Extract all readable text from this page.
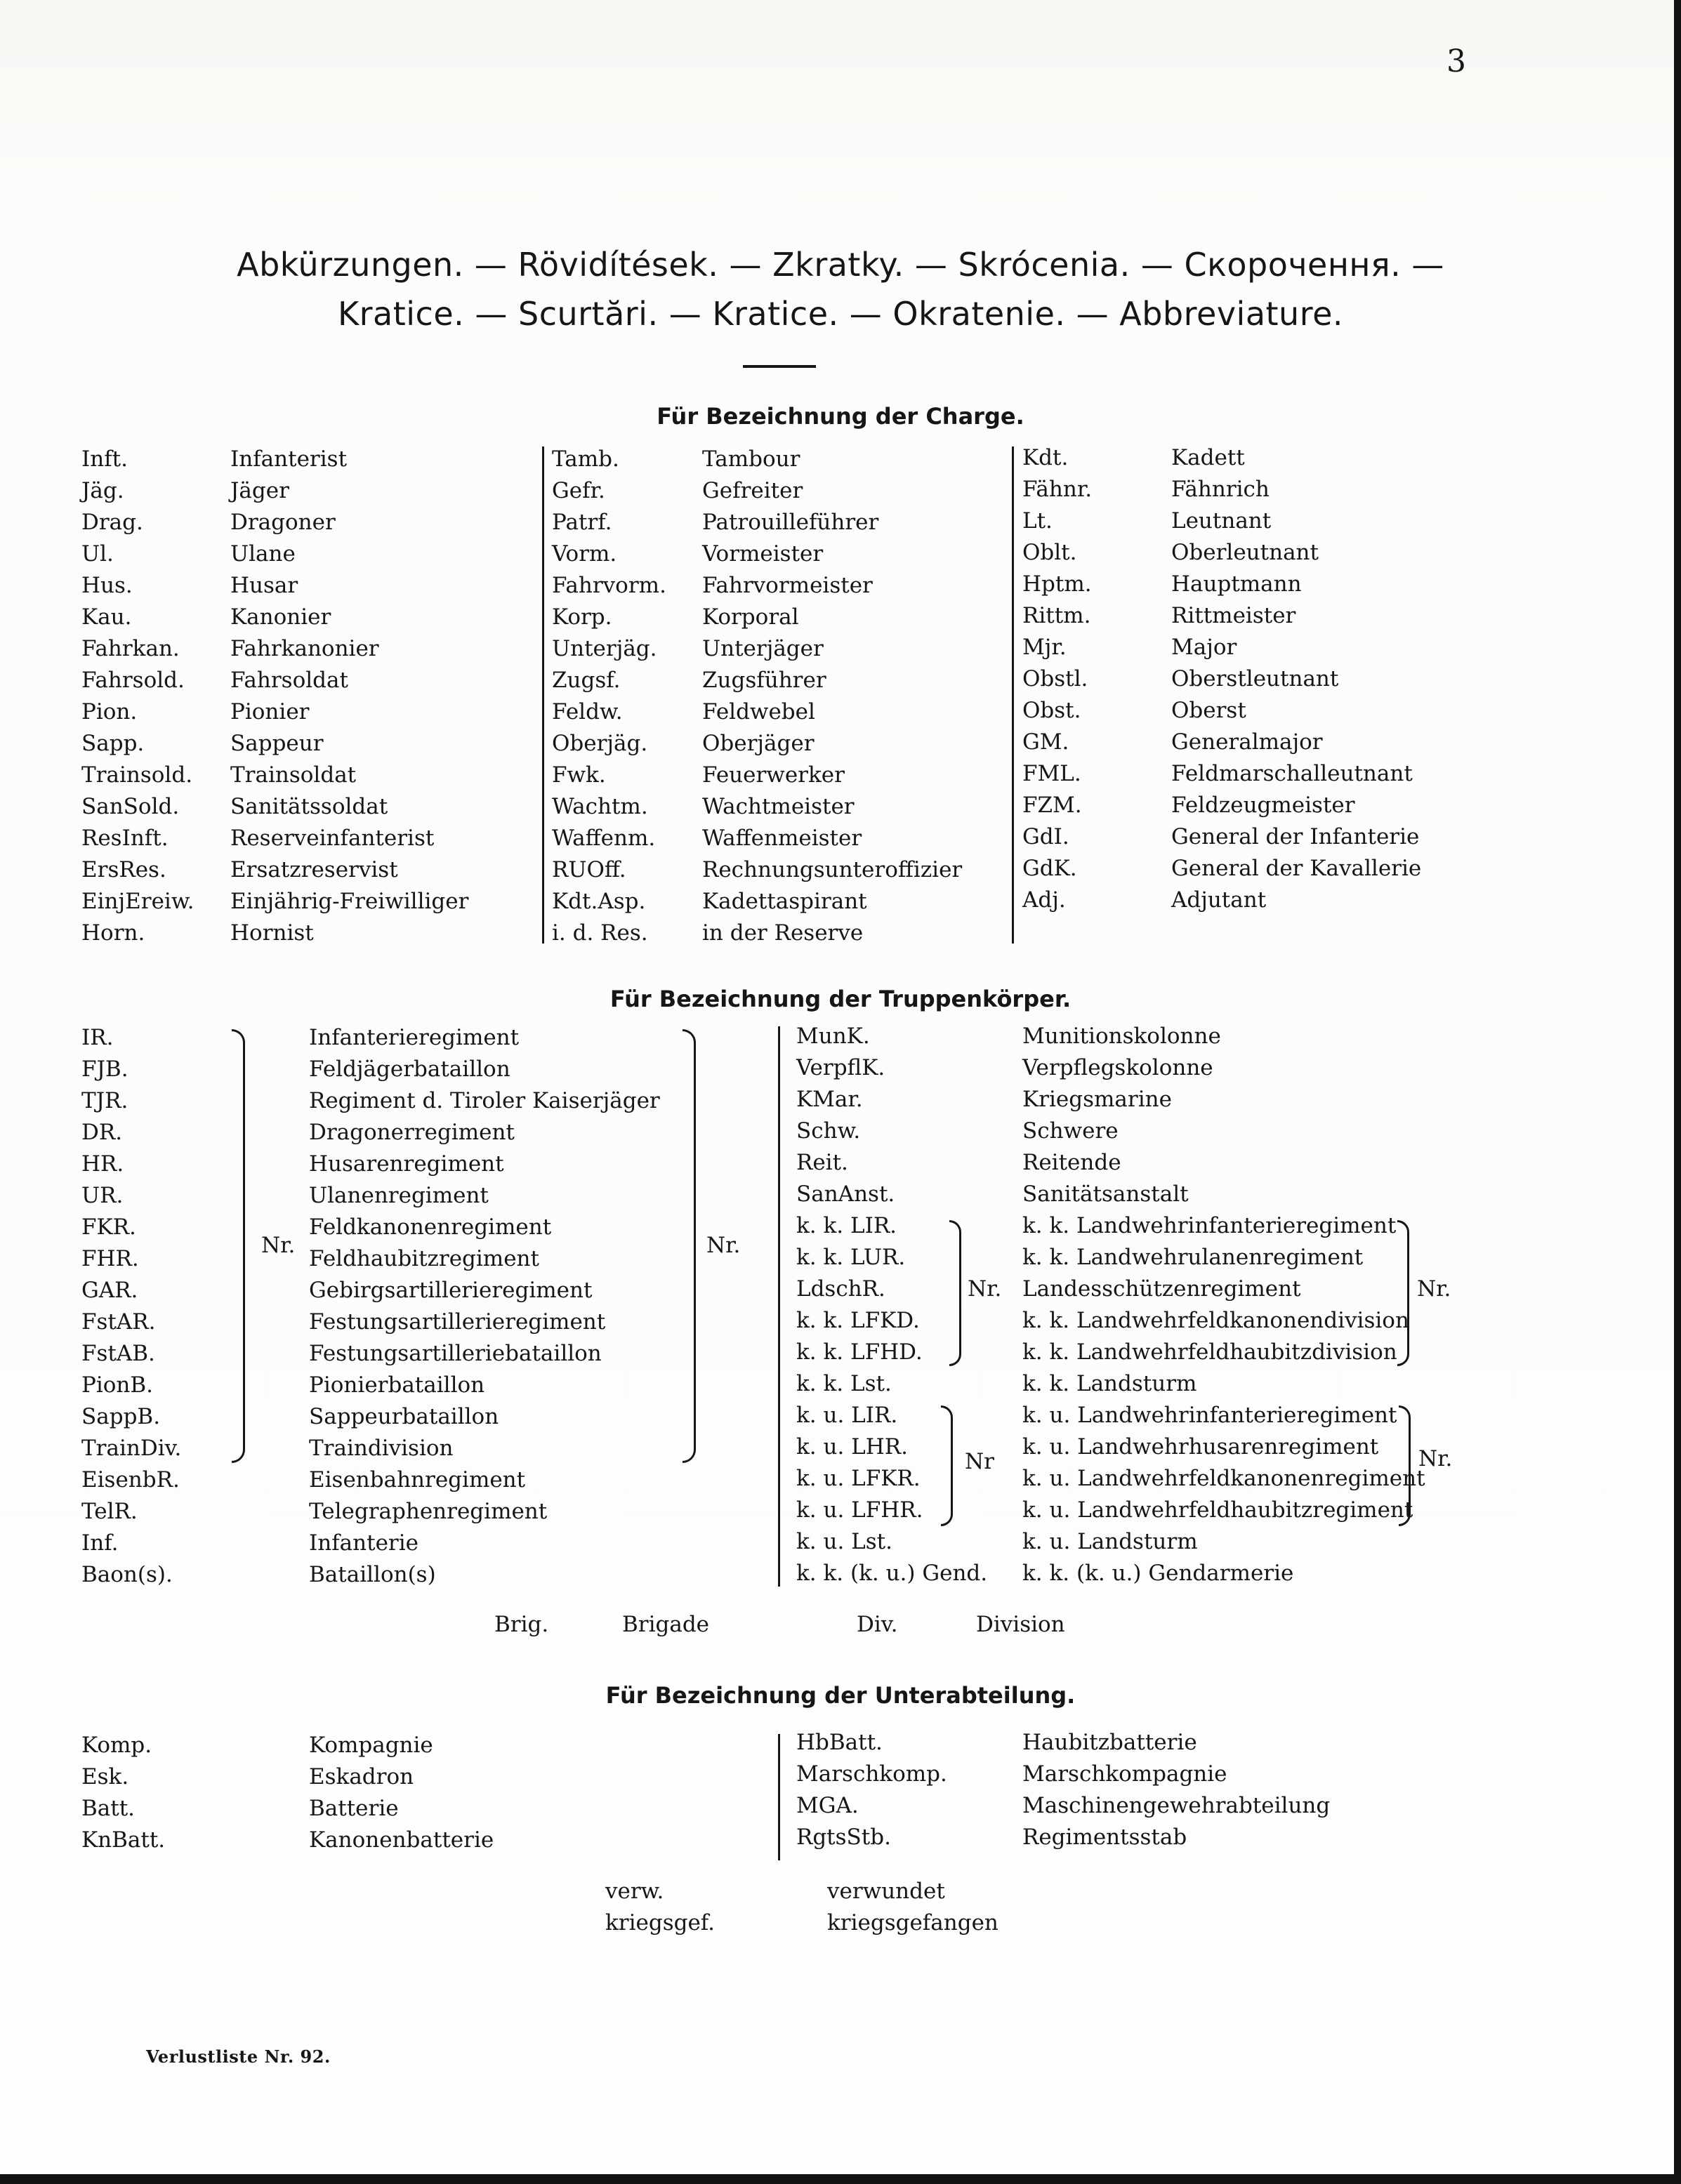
3
Abkürzungen. — Rövidítések. — Zkratky. — Skrócenia. — Скорочення. —
Kratice. — Scurtări. — Kratice. — Okratenie. — Abbreviature.
Für Bezeichnung der Charge.
Inft.	Infanterist
Jäg.	Jäger
Drag.	Dragoner
Ul.	Ulane
Hus.	Husar
Kau.	Kanonier
Fahrkan. Fahrkanonier
Fahrsold. Fahrsoldat
Pion.	Pionier
Sapp.	Sappeur
Trainsold. Trainsoldat
SanSold. Sanitätssoldat
ResInft.	Reserveinfanterist
ErsRes.	Ersatzreservist
EinjEreiw. Einjährig-Freiwilliger
Horn.	Hornist
Tamb.	Tambour
Gefr.	Gefreiter
Patrf.	Patrouilleführer
Vorm.	Vormeister
Fahrvorm. Fahrvormeister
Korp.	Korporal
Unterjäg. Unterjäger
Zugsf.	Zugsführer
Feldw.	Feldwebel
Oberjäg.	Oberjäger
Fwk.	Feuerwerker
Wachtm. Wachtmeister
Waffenm. Waffenmeister
RUOff.	Rechnungsunteroffizier
Kdt.Asp.	Kadettaspirant
i. d. Res. in der Reserve
Kdt.	Kadett
Fähnr.	Fähnrich
Lt.	Leutnant
Oblt.	Oberleutnant
Hptm.	Hauptmann
Rittm.	Rittmeister
Mjr.	Major
Obstl.	Oberstleutnant
Obst.	Oberst
GM.	Generalmajor
FML.	Feldmarschalleutnant
FZM.	Feldzeugmeister
GdI.	General der Infanterie
GdK.	General der Kavallerie
Adj.	Adjutant
Für Bezeichnung der Truppenkörper.
IR.	Infanterieregiment
FJB.	Feldjägerbataillon
TJR.	Regiment d. Tiroler Kaiserjäger
DR.	Dragonerregiment
HR.	Husarenregiment
UR.	Ulanenregiment
FKR.	Feldkanonenregiment
FHR.	Feldhaubitzregiment
GAR.	Gebirgsartillerieregiment
FstAR.	Festungsartillerieregiment
FstAB.	Festungsartilleriebataillon
PionB.	Pionierbataillon
SappB.	Sappeurbataillon
TrainDiv.	Traindivision
EisenbR.	Eisenbahnregiment
TelR.	Telegraphenregiment
Inf.	Infanterie
Baon(s).	Bataillon(s)
Nr.	Nr.
MunK.	Munitionskolonne
VerpflK.	Verpflegskolonne
KMar.	Kriegsmarine
Schw.	Schwere
Reit.	Reitende
SanAnst.	Sanitätsanstalt
k. k. LIR.	k. k. Landwehrinfanterieregiment
k. k. LUR.	k. k. Landwehrulanenregiment
LdschR.	Landesschützenregiment
k. k. LFKD.	k. k. Landwehrfeldkanonendivision
k. k. LFHD.	k. k. Landwehrfeldhaubitzdivision
k. k. Lst.	k. k. Landsturm
k. u. LIR.	k. u. Landwehrinfanterieregiment
k. u. LHR.	k. u. Landwehrhusarenregiment
k. u. LFKR.	k. u. Landwehrfeldkanonenregiment
k. u. LFHR.	k. u. Landwehrfeldhaubitzregiment
k. u. Lst.	k. u. Landsturm
k. k. (k. u.) Gend. k. k. (k. u.) Gendarmerie
Nr.	Nr.
Nr	Nr.
Brig.	Brigade	Div.	Division
Für Bezeichnung der Unterabteilung.
Komp.	Kompagnie
Esk.	Eskadron
Batt.	Batterie
KnBatt.	Kanonenbatterie
HbBatt.	Haubitzbatterie
Marschkomp.	Marschkompagnie
MGA.	Maschinengewehrabteilung
RgtsStb.	Regimentsstab
verw.	verwundet
kriegsgef.	kriegsgefangen
Verlustliste Nr. 92.
